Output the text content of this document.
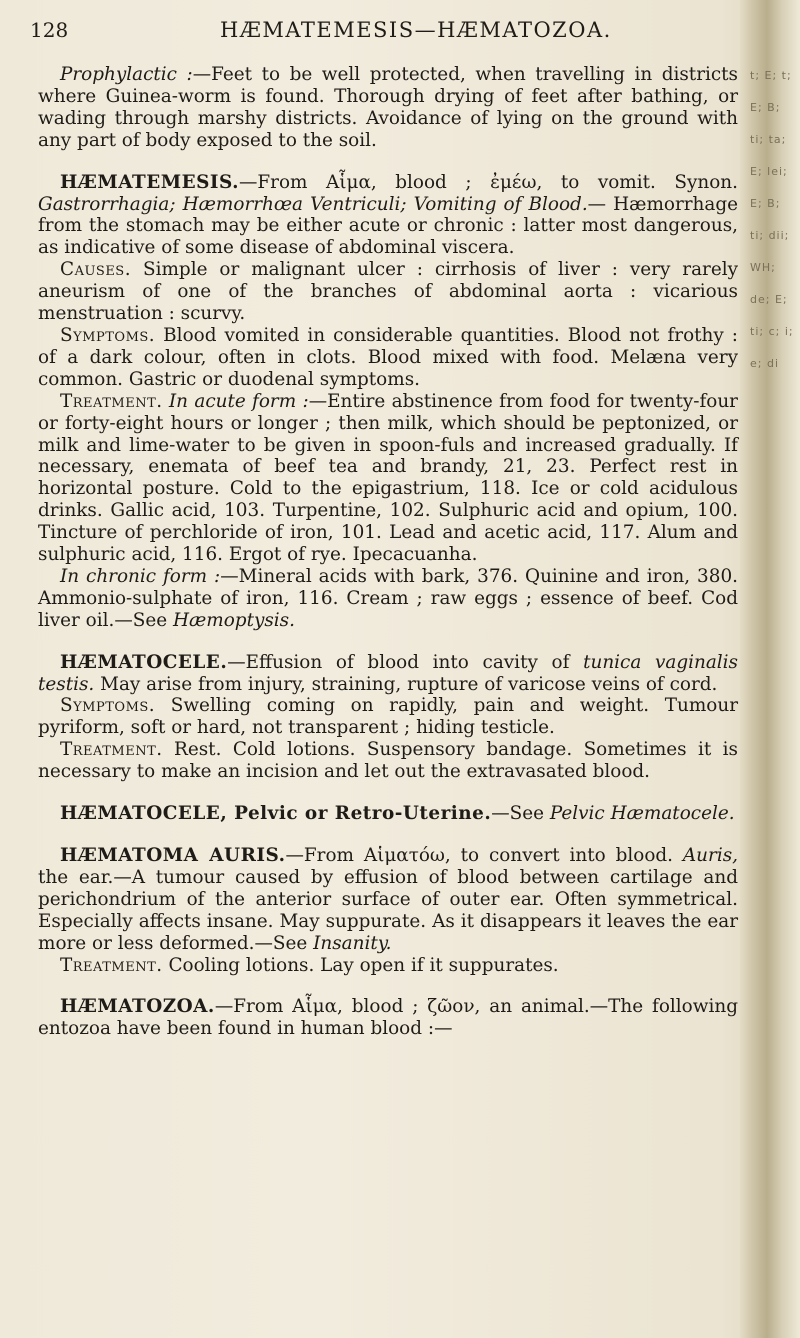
t; E; t; E; B; ti; ta; E; lei; E; B; ti; dii; WH; de; E; ti; c; i; e; di
128	HÆMATEMESIS—HÆMATOZOA.

Prophylactic :—Feet to be well protected, when travelling in districts where Guinea-worm is found. Thorough drying of feet after bathing, or wading through marshy districts. Avoidance of lying on the ground with any part of body exposed to the soil.

HÆMATEMESIS.—From Αἷμα, blood ; ἐμέω, to vomit. Synon. Gastrorrhagia; Hæmorrhœa Ventriculi; Vomiting of Blood.— Hæmorrhage from the stomach may be either acute or chronic : latter most dangerous, as indicative of some disease of abdominal viscera.

Causes. Simple or malignant ulcer : cirrhosis of liver : very rarely aneurism of one of the branches of abdominal aorta : vicarious menstruation : scurvy.

Symptoms. Blood vomited in considerable quantities. Blood not frothy : of a dark colour, often in clots. Blood mixed with food. Melæna very common. Gastric or duodenal symptoms.

Treatment. In acute form :—Entire abstinence from food for twenty-four or forty-eight hours or longer ; then milk, which should be peptonized, or milk and lime-water to be given in spoon-fuls and increased gradually. If necessary, enemata of beef tea and brandy, 21, 23. Perfect rest in horizontal posture. Cold to the epigastrium, 118. Ice or cold acidulous drinks. Gallic acid, 103. Turpentine, 102. Sulphuric acid and opium, 100. Tincture of perchloride of iron, 101. Lead and acetic acid, 117. Alum and sulphuric acid, 116. Ergot of rye. Ipecacuanha.

In chronic form :—Mineral acids with bark, 376. Quinine and iron, 380. Ammonio-sulphate of iron, 116. Cream ; raw eggs ; essence of beef. Cod liver oil.—See Hæmoptysis.

HÆMATOCELE.—Effusion of blood into cavity of tunica vaginalis testis. May arise from injury, straining, rupture of varicose veins of cord.

Symptoms. Swelling coming on rapidly, pain and weight. Tumour pyriform, soft or hard, not transparent ; hiding testicle.

Treatment. Rest. Cold lotions. Suspensory bandage. Sometimes it is necessary to make an incision and let out the extravasated blood.

HÆMATOCELE, Pelvic or Retro-Uterine.—See Pelvic Hæmatocele.

HÆMATOMA AURIS.—From Αἱματόω, to convert into blood. Auris, the ear.—A tumour caused by effusion of blood between cartilage and perichondrium of the anterior surface of outer ear. Often symmetrical. Especially affects insane. May suppurate. As it disappears it leaves the ear more or less deformed.—See Insanity.

Treatment. Cooling lotions. Lay open if it suppurates.

HÆMATOZOA.—From Αἷμα, blood ; ζῶον, an animal.—The following entozoa have been found in human blood :—
